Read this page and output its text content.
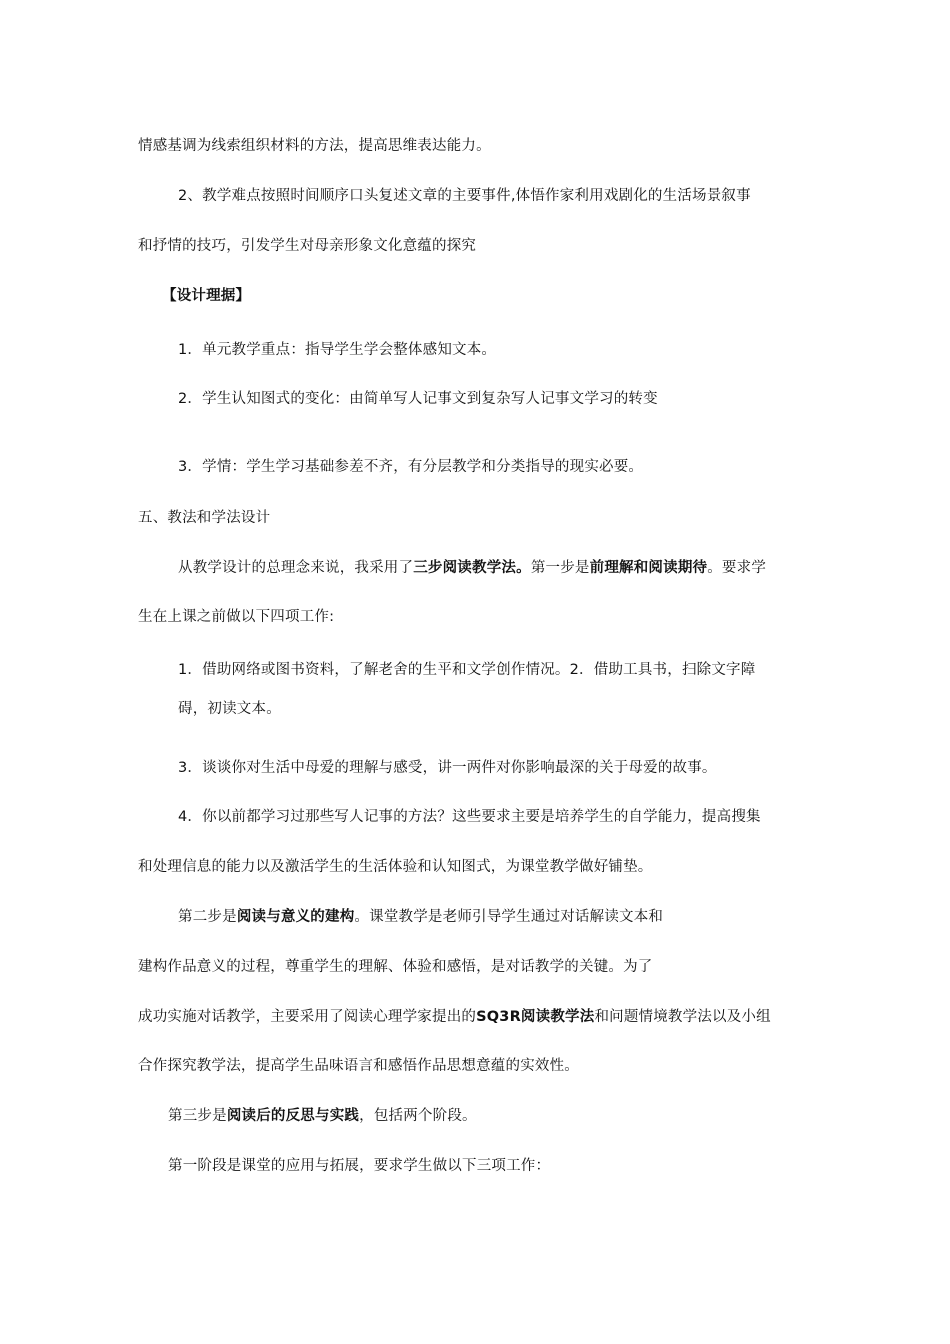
情感基调为线索组织材料的方法，提高思维表达能力。
2、教学难点按照时间顺序口头复述文章的主要事件,体悟作家利用戏剧化的生活场景叙事
和抒情的技巧，引发学生对母亲形象文化意蕴的探究
【设计理据】
1．单元教学重点：指导学生学会整体感知文本。
2．学生认知图式的变化：由简单写人记事文到复杂写人记事文学习的转变
3．学情：学生学习基础参差不齐，有分层教学和分类指导的现实必要。
五、教法和学法设计
从教学设计的总理念来说，我采用了三步阅读教学法。第一步是前理解和阅读期待。要求学
生在上课之前做以下四项工作:
1．借助网络或图书资料，了解老舍的生平和文学创作情况。2．借助工具书，扫除文字障
碍，初读文本。
3．谈谈你对生活中母爱的理解与感受，讲一两件对你影响最深的关于母爱的故事。
4．你以前都学习过那些写人记事的方法？这些要求主要是培养学生的自学能力，提高搜集
和处理信息的能力以及激活学生的生活体验和认知图式，为课堂教学做好铺垫。
第二步是阅读与意义的建构。课堂教学是老师引导学生通过对话解读文本和
建构作品意义的过程，尊重学生的理解、体验和感悟，是对话教学的关键。为了
成功实施对话教学，主要采用了阅读心理学家提出的SQ3R阅读教学法和问题情境教学法以及小组
合作探究教学法，提高学生品味语言和感悟作品思想意蕴的实效性。
第三步是阅读后的反思与实践，包括两个阶段。
第一阶段是课堂的应用与拓展，要求学生做以下三项工作：
